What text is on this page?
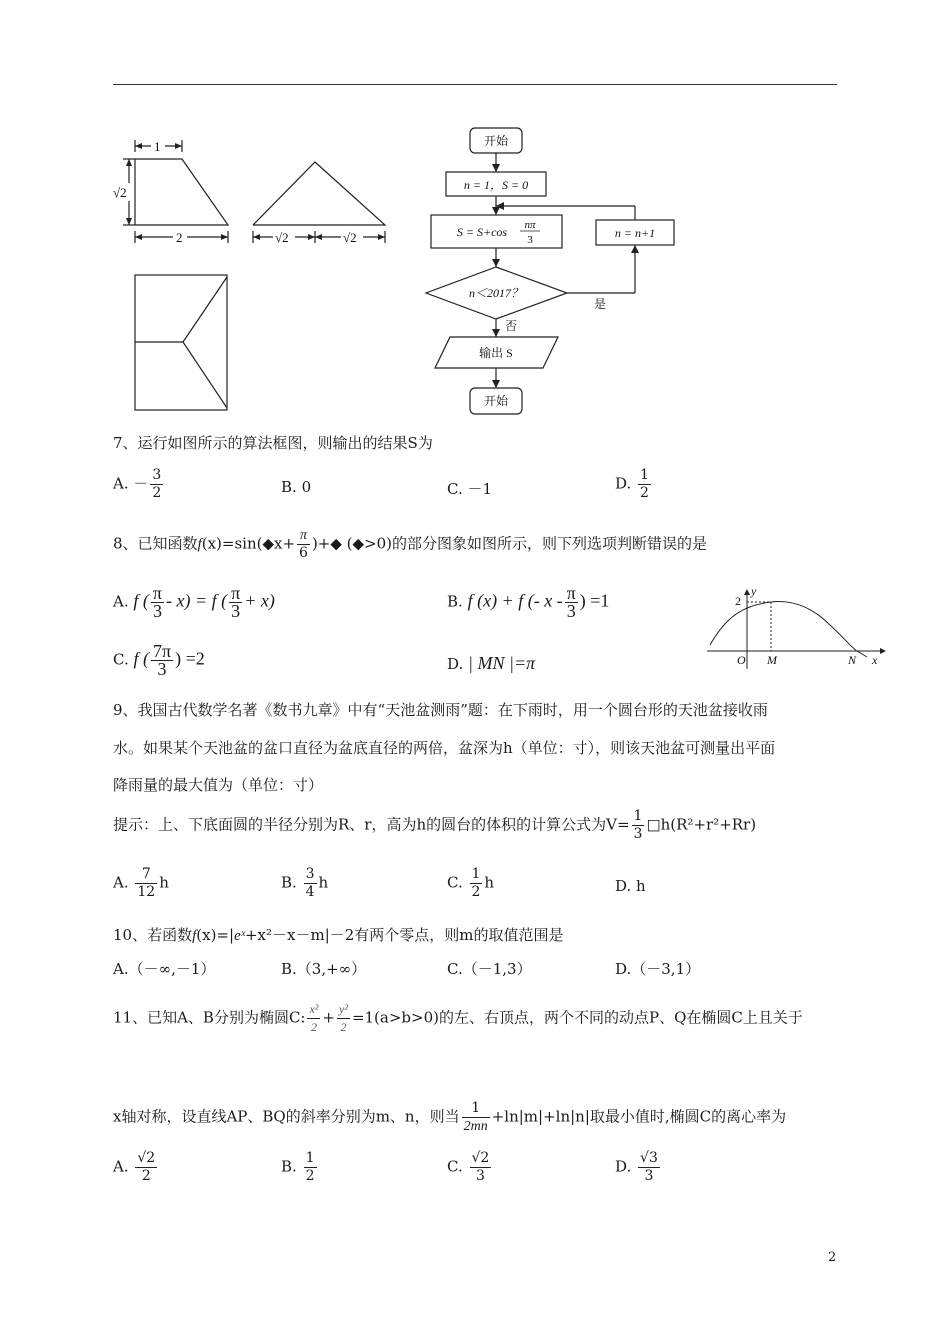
1
√2
2	√2	√2
开始
n = 1，S = 0
S = S+cos nπ
3	n = n+1
n＜2017？
是
否
输出 S
开始
7、运行如图所示的算法框图，则输出的结果S为
A. － $\frac{3}{2}$	B. 0	C. －1	D. $\frac{1}{2}$
8、已知函数f(x)=sin(◆x+ $\frac{\pi}{6}$ )+◆ (◆>0)的部分图象如图所示，则下列选项判断错误的是
A. f ( $\frac{\pi}{3} - x) = f$ ( $\frac{\pi}{3} + x$)	B. f (x) + f (- x - $\frac{\pi}{3}$ ) =1
C. f ( $\frac{7\pi}{3}$ ) =2	D. | MN |=π
y
2
O M	N x
9、我国古代数学名著《数书九章》中有“天池盆测雨”题：在下雨时，用一个圆台形的天池盆接收雨
水。如果某个天池盆的盆口直径为盆底直径的两倍，盆深为h（单位：寸），则该天池盆可测量出平面
降雨量的最大值为（单位：寸）
提示：上、下底面圆的半径分别为R、r，高为h的圆台的体积的计算公式为$V= \frac{1}{3}$ □h(R²+r²+Rr)
A. $\frac{7}{12}$ h	B. $\frac{3}{4}$ h	C. $\frac{1}{2}$ h	D. h
10、若函数f(x)=|eˣ+x²－x－m|－2有两个零点，则m的取值范围是
A.（－∞,－1）	B.（3,+∞）	C.（－1,3）	D.（－3,1）
11、已知A、B分别为椭圆C: $\frac{\text{x²}}{2} + \frac{\text{y²}}{2} =1(a>b>0)$的左、右顶点，两个不同的动点P、Q在椭圆C上且关于
x轴对称，设直线AP、BQ的斜率分别为m、n，则当 $\frac{1}{2mn} +\ln|m|+\ln|n|$取最小值时,椭圆C的离心率为
A. $\frac{√2}{2}$	B. $\frac{1}{2}$	C. $\frac{√2}{3}$	D. $\frac{√3}{3}$
2
